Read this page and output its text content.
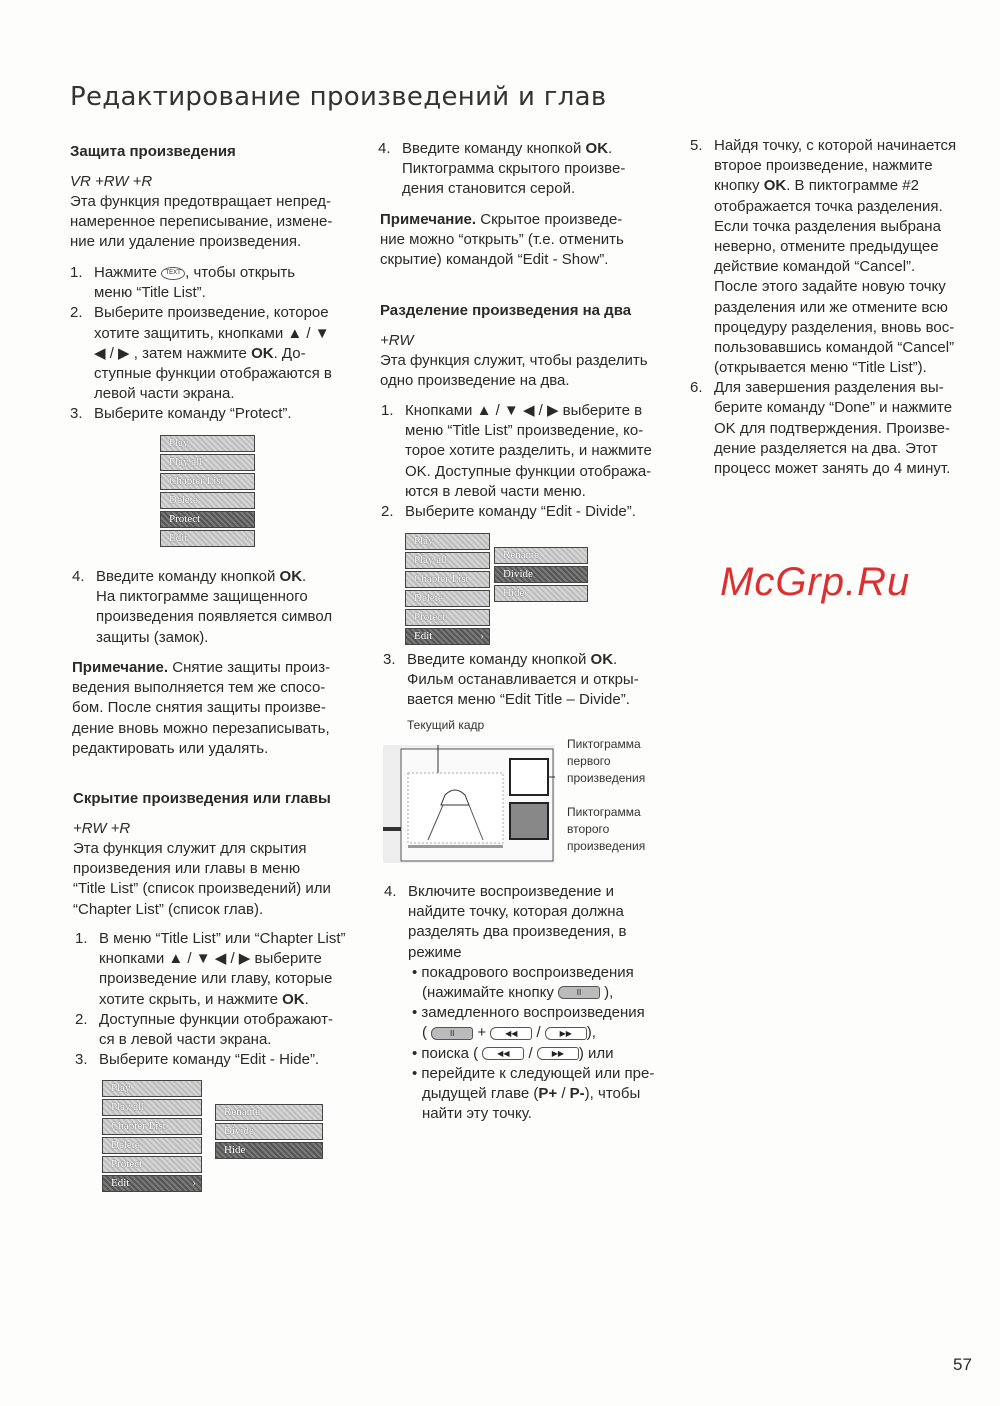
Редактирование произведений и глав
Защита произведения
VR +RW +R
Эта функция предотвращает непред-
намеренное переписывание, измене-
ние или удаление произведения.
1. Нажмите TEXT , чтобы открыть
меню “Title List”.
2. Выберите произведение, которое
хотите защитить, кнопками ▲ / ▼
◀ / ▶ , затем нажмите OK. До-
ступные функции отображаются в
левой части экрана.
3. Выберите команду “Protect”.
Play
Play all
Chapter List
Delete
Protect
Edit	›
4. Введите команду кнопкой OK.
На пиктограмме защищенного
произведения появляется символ
защиты (замок).
Примечание. Снятие защиты произ-
ведения выполняется тем же спосо-
бом. После снятия защиты произве-
дение вновь можно перезаписывать,
редактировать или удалять.
Скрытие произведения или главы
+RW +R
Эта функция служит для скрытия
произведения или главы в меню
“Title List” (список произведений) или
“Chapter List” (список глав).
1. В меню “Title List” или “Chapter List”
кнопками ▲ / ▼ ◀ / ▶ выберите
произведение или главу, которые
хотите скрыть, и нажмите OK.
2. Доступные функции отображают-
ся в левой части экрана.
3. Выберите команду “Edit - Hide”.
Play
Play all
Chapter List
Delete
Protect
Edit	›
Rename
Divide
Hide
4. Введите команду кнопкой OK.
Пиктограмма скрытого произве-
дения становится серой.
Примечание. Скрытое произведе-
ние можно “открыть” (т.е. отменить
скрытие) командой “Edit - Show”.
Разделение произведения на два
+RW
Эта функция служит, чтобы разделить
одно произведение на два.
1. Кнопками ▲ / ▼ ◀ / ▶ выберите в
меню “Title List” произведение, ко-
торое хотите разделить, и нажмите
OK. Доступные функции отобража-
ются в левой части меню.
2. Выберите команду “Edit - Divide”.
Play
Play all
Chapter List
Delete
Protect
Edit	›
Rename
Divide
Hide
3. Введите команду кнопкой OK.
Фильм останавливается и откры-
вается меню “Edit Title – Divide”.
McGrp.Ru
Текущий кадр
Пиктограмма
первого
произведения
Пиктограмма
второго
произведения
4. Включите воспроизведение и
найдите точку, которая должна
разделять два произведения, в
режиме
• покадрового воспроизведения
(нажимайте кнопку II ),
• замедленного воспроизведения
( II + ◀◀ / ▶▶ ),
• поиска ( ◀◀ / ▶▶ ) или
• перейдите к следующей или пре-
дыдущей главе (P+ / P-), чтобы
найти эту точку.
5. Найдя точку, с которой начинается
второе произведение, нажмите
кнопку OK. В пиктограмме #2
отображается точка разделения.
Если точка разделения выбрана
неверно, отмените предыдущее
действие командой “Cancel”.
После этого задайте новую точку
разделения или же отмените всю
процедуру разделения, вновь вос-
пользовавшись командой “Cancel”
(открывается меню “Title List”).
6. Для завершения разделения вы-
берите команду “Done” и нажмите
OK для подтверждения. Произве-
дение разделяется на два. Этот
процесс может занять до 4 минут.
57
